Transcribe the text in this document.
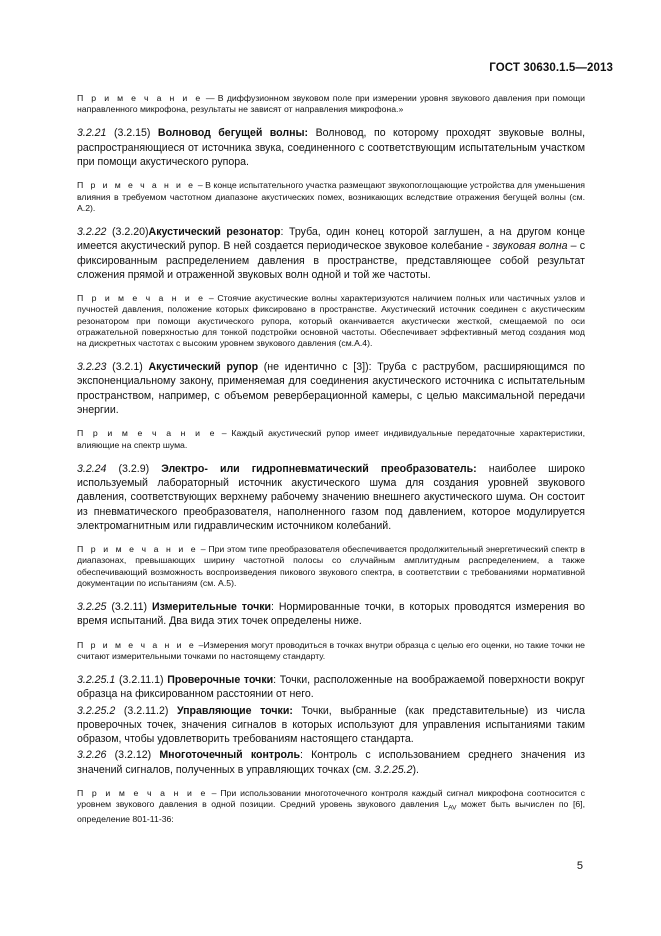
ГОСТ 30630.1.5—2013

П р и м е ч а н и е — В диффузионном звуковом поле при измерении уровня звукового давления при помощи направленного микрофона, результаты не зависят от направления микрофона.»

3.2.21 (3.2.15) Волновод бегущей волны: Волновод, по которому проходят звуковые волны, распространяющиеся от источника звука, соединенного с соответствующим испытательным участком при помощи акустического рупора.

П р и м е ч а н и е – В конце испытательного участка размещают звукопоглощающие устройства для уменьшения влияния в требуемом частотном диапазоне акустических помех, возникающих вследствие отражения бегущей волны (см. А.2).

3.2.22 (3.2.20)Акустический резонатор: Труба, один конец которой заглушен, а на другом конце имеется акустический рупор. В ней создается периодическое звуковое колебание - звуковая волна – с фиксированным распределением давления в пространстве, представляющее собой результат сложения прямой и отраженной звуковых волн одной и той же частоты.

П р и м е ч а н и е – Стоячие акустические волны характеризуются наличием полных или частичных узлов и пучностей давления, положение которых фиксировано в пространстве. Акустический источник соединен с акустическим резонатором при помощи акустического рупора, который оканчивается акустически жесткой, смещаемой по оси отражательной поверхностью для тонкой подстройки основной частоты. Обеспечивает эффективный метод создания мод на дискретных частотах с высоким уровнем звукового давления (см.А.4).

3.2.23 (3.2.1) Акустический рупор (не идентично с [3]): Труба с раструбом, расширяющимся по экспоненциальному закону, применяемая для соединения акустического источника с испытательным пространством, например, с объемом реверберационной камеры, с целью максимальной передачи энергии.

П р и м е ч а н и е – Каждый акустический рупор имеет индивидуальные передаточные характеристики, влияющие на спектр шума.

3.2.24 (3.2.9) Электро- или гидропневматический преобразователь: наиболее широко используемый лабораторный источник акустического шума для создания уровней звукового давления, соответствующих верхнему рабочему значению внешнего акустического шума. Он состоит из пневматического преобразователя, наполненного газом под давлением, которое модулируется электромагнитным или гидравлическим источником колебаний.

П р и м е ч а н и е – При этом типе преобразователя обеспечивается продолжительный энергетический спектр в диапазонах, превышающих ширину частотной полосы со случайным амплитудным распределением, а также обеспечивающий возможность воспроизведения пикового звукового спектра, в соответствии с требованиями нормативной документации по испытаниям (см. А.5).

3.2.25 (3.2.11) Измерительные точки: Нормированные точки, в которых проводятся измерения во время испытаний. Два вида этих точек определены ниже.

П р и м е ч а н и е –Измерения могут проводиться в точках внутри образца с целью его оценки, но такие точки не считают измерительными точками по настоящему стандарту.

3.2.25.1 (3.2.11.1) Проверочные точки: Точки, расположенные на воображаемой поверхности вокруг образца на фиксированном расстоянии от него.

3.2.25.2 (3.2.11.2) Управляющие точки: Точки, выбранные (как представительные) из числа проверочных точек, значения сигналов в которых используют для управления испытаниями таким образом, чтобы удовлетворить требованиям настоящего стандарта.

3.2.26 (3.2.12) Многоточечный контроль: Контроль с использованием среднего значения из значений сигналов, полученных в управляющих точках (см. 3.2.25.2).

П р и м е ч а н и е – При использовании многоточечного контроля каждый сигнал микрофона соотносится с уровнем звукового давления в одной позиции. Средний уровень звукового давления $L_{AV}$ может быть вычислен по [6], определение 801-11-36:

5
